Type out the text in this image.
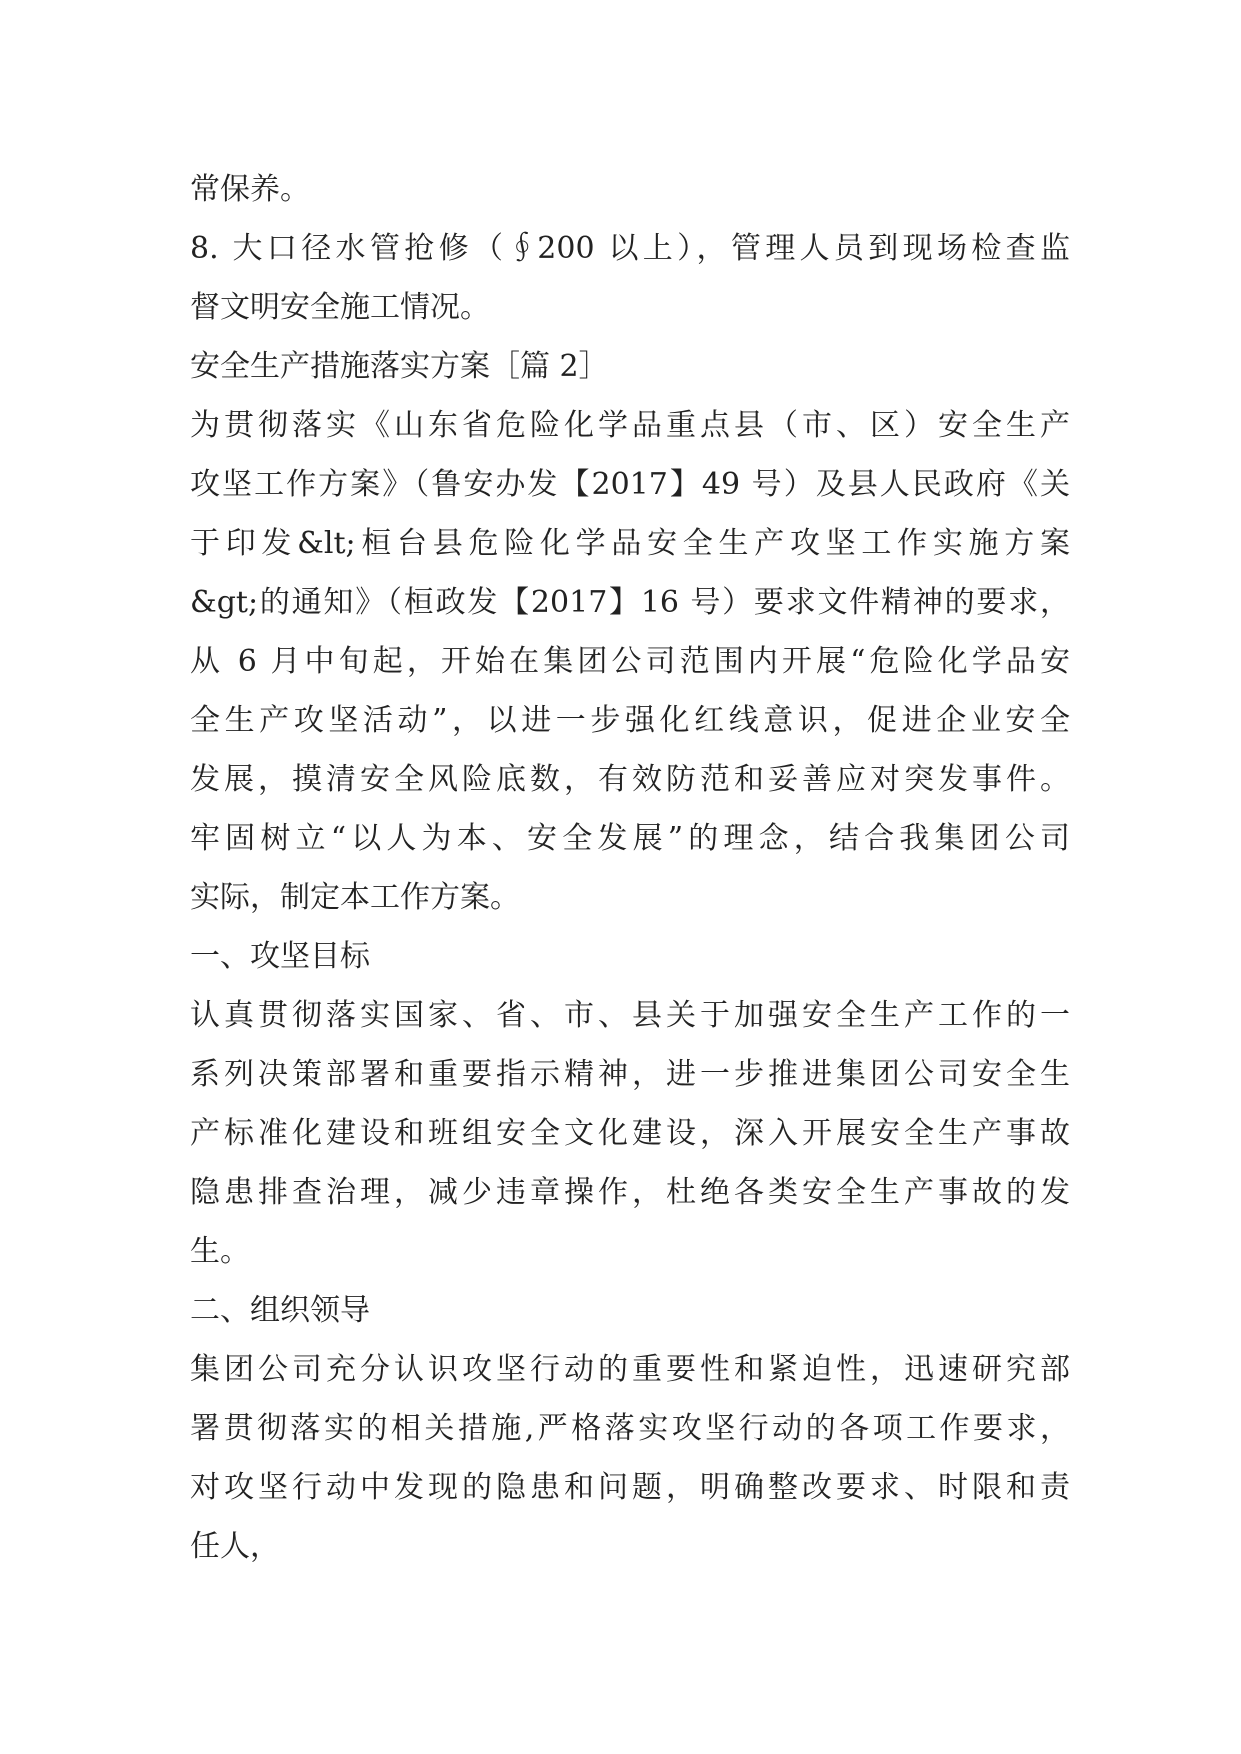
常保养。
8. 大口径水管抢修（∮200 以上），管理人员到现场检查监
督文明安全施工情况。
安全生产措施落实方案［篇 2］
为贯彻落实《山东省危险化学品重点县（市、区）安全生产
攻坚工作方案》（鲁安办发【2017】49 号）及县人民政府《关
于印发&lt;桓台县危险化学品安全生产攻坚工作实施方案
&gt;的通知》（桓政发【2017】16 号）要求文件精神的要求，
从 6 月中旬起，开始在集团公司范围内开展“危险化学品安
全生产攻坚活动”，以进一步强化红线意识，促进企业安全
发展，摸清安全风险底数，有效防范和妥善应对突发事件。
牢固树立“以人为本、安全发展”的理念，结合我集团公司
实际，制定本工作方案。
一、攻坚目标
认真贯彻落实国家、省、市、县关于加强安全生产工作的一
系列决策部署和重要指示精神，进一步推进集团公司安全生
产标准化建设和班组安全文化建设，深入开展安全生产事故
隐患排查治理，减少违章操作，杜绝各类安全生产事故的发
生。
二、组织领导
集团公司充分认识攻坚行动的重要性和紧迫性，迅速研究部
署贯彻落实的相关措施,严格落实攻坚行动的各项工作要求，
对攻坚行动中发现的隐患和问题，明确整改要求、时限和责
任人，
